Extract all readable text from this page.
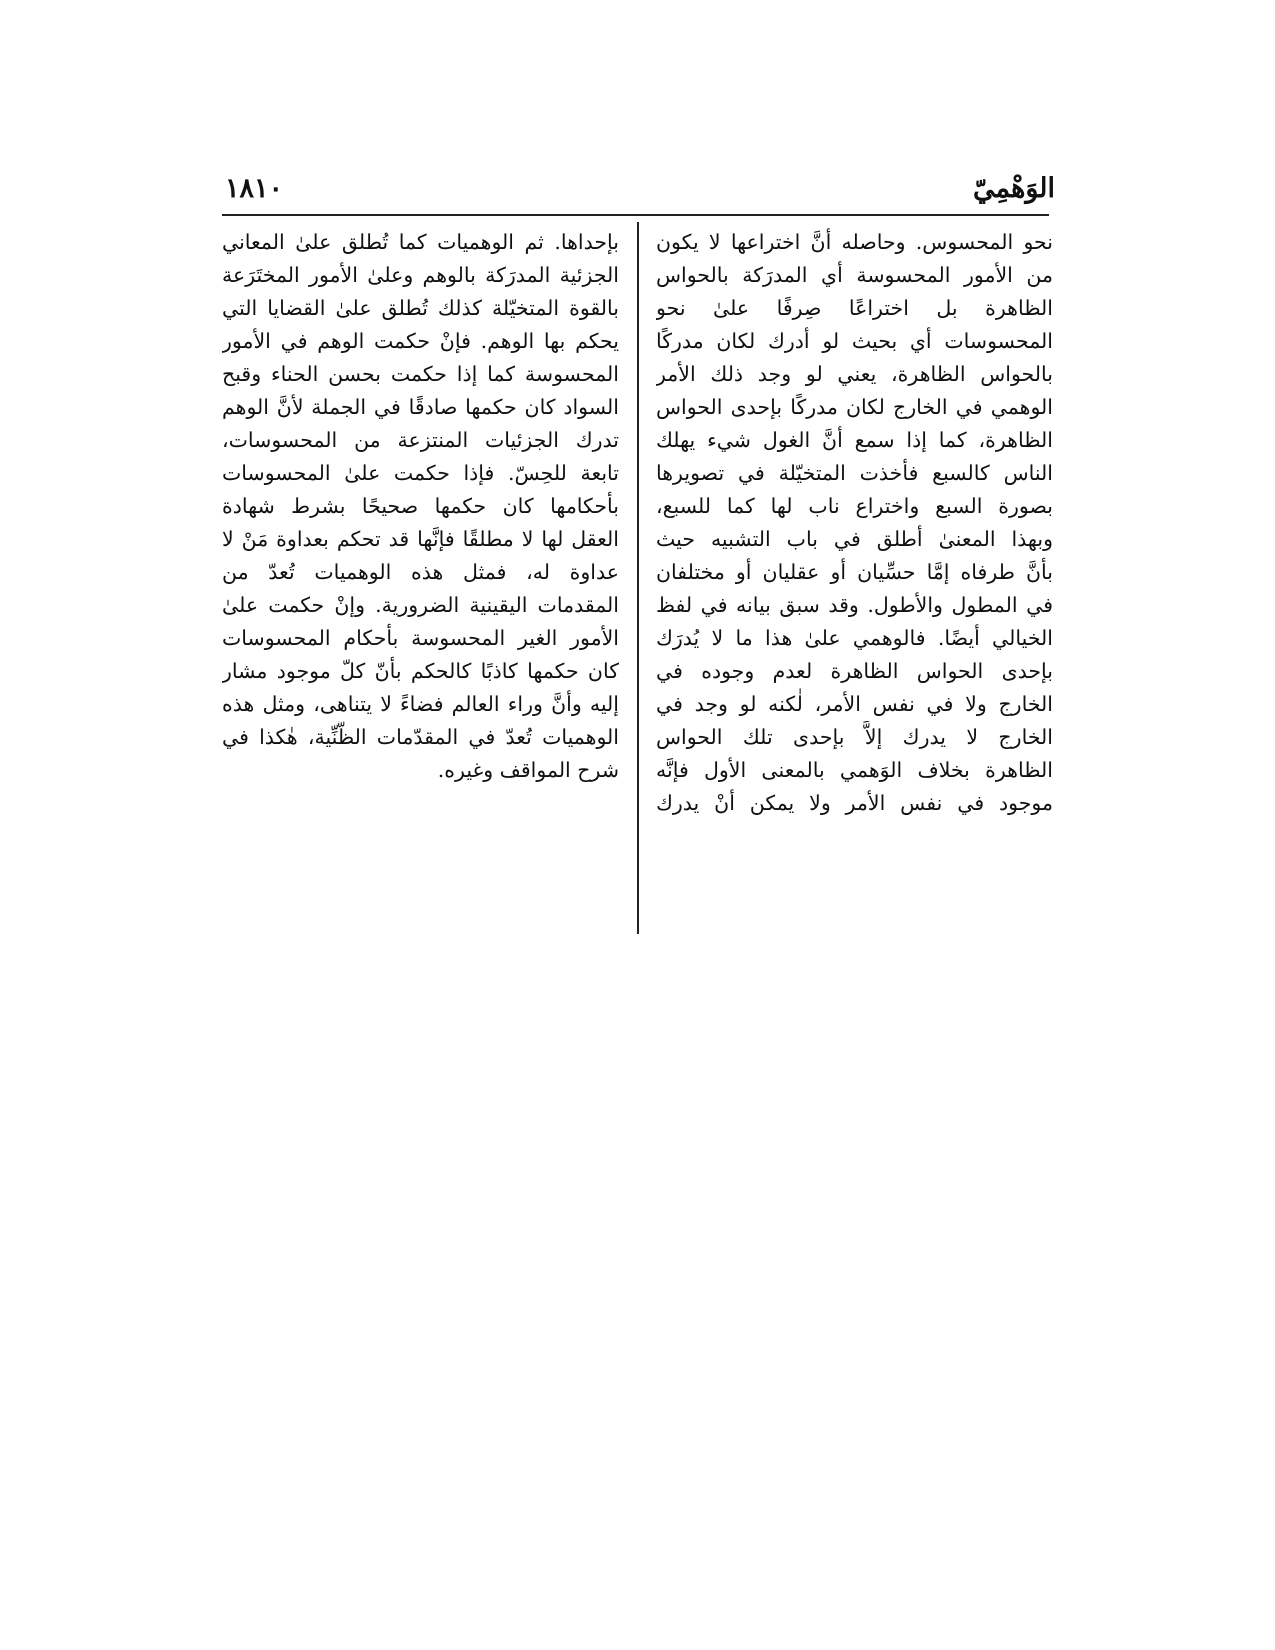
الوَهْمِيّ
١٨١٠
نحو المحسوس. وحاصله أنَّ اختراعها لا يكون
من الأمور المحسوسة أي المدرَكة بالحواس
الظاهرة بل اختراعًا صِرفًا علىٰ نحو
المحسوسات أي بحيث لو أدرك لكان مدركًا
بالحواس الظاهرة، يعني لو وجد ذلك الأمر
الوهمي في الخارج لكان مدركًا بإحدى الحواس
الظاهرة، كما إذا سمع أنَّ الغول شيء يهلك
الناس كالسبع فأخذت المتخيّلة في تصويرها
بصورة السبع واختراع ناب لها كما للسبع،
وبهذا المعنىٰ أطلق في باب التشبيه حيث
بأنَّ طرفاه إمَّا حسِّيان أو عقليان أو مختلفان
في المطول والأطول. وقد سبق بيانه في لفظ
الخيالي أيضًا. فالوهمي علىٰ هذا ما لا يُدرَك
بإحدى الحواس الظاهرة لعدم وجوده في
الخارج ولا في نفس الأمر، لٰكنه لو وجد في
الخارج لا يدرك إلاَّ بإحدى تلك الحواس
الظاهرة بخلاف الوَهمي بالمعنى الأول فإنَّه
موجود في نفس الأمر ولا يمكن أنْ يدرك
بإحداها. ثم الوهميات كما تُطلق علىٰ المعاني
الجزئية المدرَكة بالوهم وعلىٰ الأمور المختَرَعة
بالقوة المتخيّلة كذلك تُطلق علىٰ القضايا التي
يحكم بها الوهم. فإنْ حكمت الوهم في الأمور
المحسوسة كما إذا حكمت بحسن الحناء وقبح
السواد كان حكمها صادقًا في الجملة لأنَّ الوهم
تدرك الجزئيات المنتزعة من المحسوسات،
تابعة للحِسّ. فإذا حكمت علىٰ المحسوسات
بأحكامها كان حكمها صحيحًا بشرط شهادة
العقل لها لا مطلقًا فإنَّها قد تحكم بعداوة مَنْ لا
عداوة له، فمثل هذه الوهميات تُعدّ من
المقدمات اليقينية الضرورية. وإنْ حكمت علىٰ
الأمور الغير المحسوسة بأحكام المحسوسات
كان حكمها كاذبًا كالحكم بأنّ كلّ موجود مشار
إليه وأنَّ وراء العالم فضاءً لا يتناهى، ومثل هذه
الوهميات تُعدّ في المقدّمات الظَّنِّية، هٰكذا في
شرح المواقف وغيره.
